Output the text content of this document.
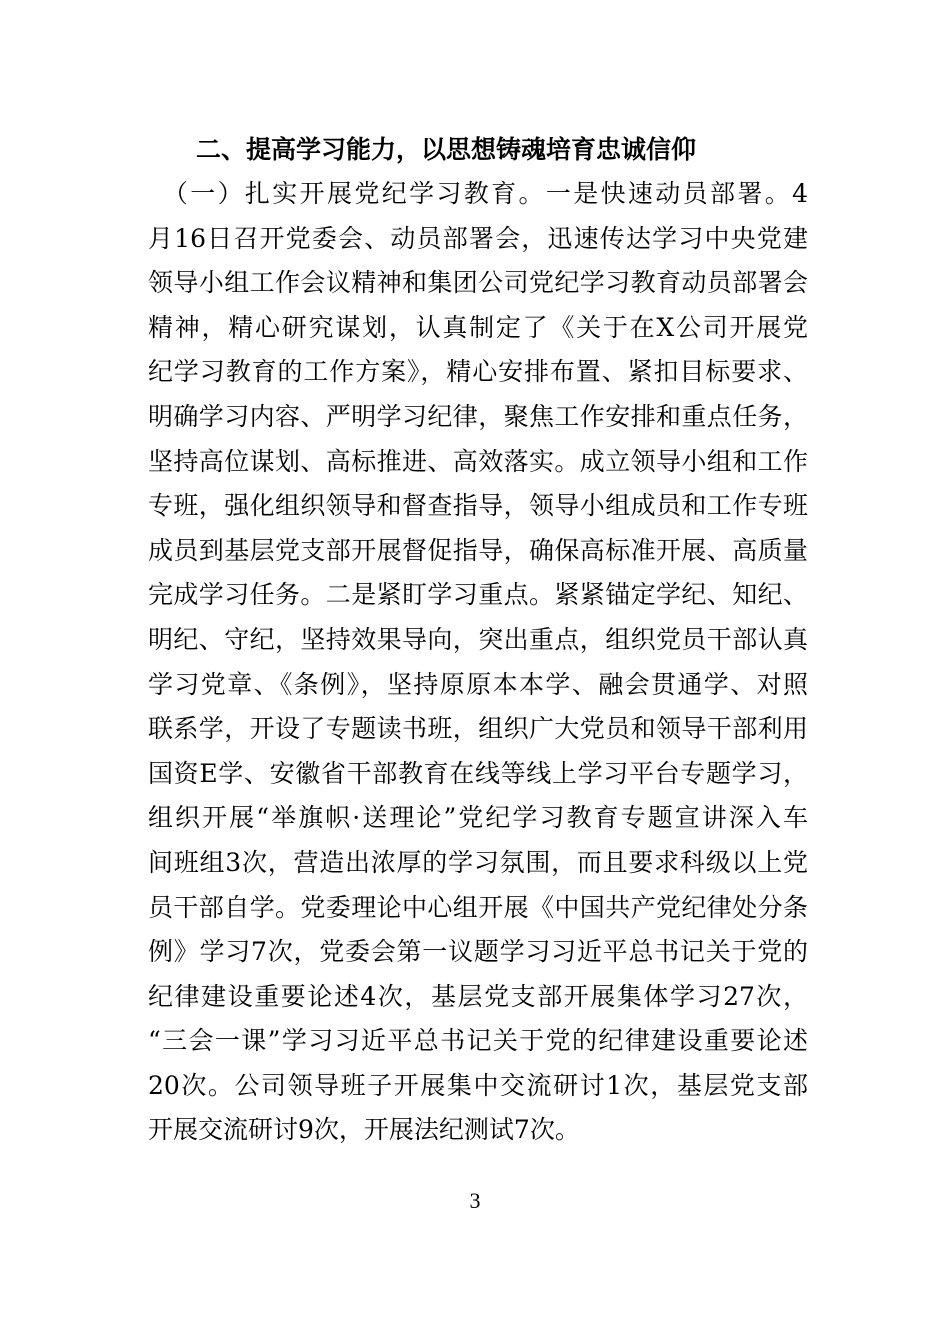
二、提高学习能力，以思想铸魂培育忠诚信仰
　（一）扎实开展党纪学习教育。一是快速动员部署。4
月16日召开党委会、动员部署会，迅速传达学习中央党建
领导小组工作会议精神和集团公司党纪学习教育动员部署会
精神，精心研究谋划，认真制定了《关于在X公司开展党
纪学习教育的工作方案》，精心安排布置、紧扣目标要求、
明确学习内容、严明学习纪律，聚焦工作安排和重点任务，
坚持高位谋划、高标推进、高效落实。成立领导小组和工作
专班，强化组织领导和督查指导，领导小组成员和工作专班
成员到基层党支部开展督促指导，确保高标准开展、高质量
完成学习任务。二是紧盯学习重点。紧紧锚定学纪、知纪、
明纪、守纪，坚持效果导向，突出重点，组织党员干部认真
学习党章、《条例》，坚持原原本本学、融会贯通学、对照
联系学，开设了专题读书班，组织广大党员和领导干部利用
国资E学、安徽省干部教育在线等线上学习平台专题学习，
组织开展“举旗帜·送理论”党纪学习教育专题宣讲深入车
间班组3次，营造出浓厚的学习氛围，而且要求科级以上党
员干部自学。党委理论中心组开展《中国共产党纪律处分条
例》学习7次，党委会第一议题学习习近平总书记关于党的
纪律建设重要论述4次，基层党支部开展集体学习27次，
“三会一课”学习习近平总书记关于党的纪律建设重要论述
20次。公司领导班子开展集中交流研讨1次，基层党支部
开展交流研讨9次，开展法纪测试7次。
3
